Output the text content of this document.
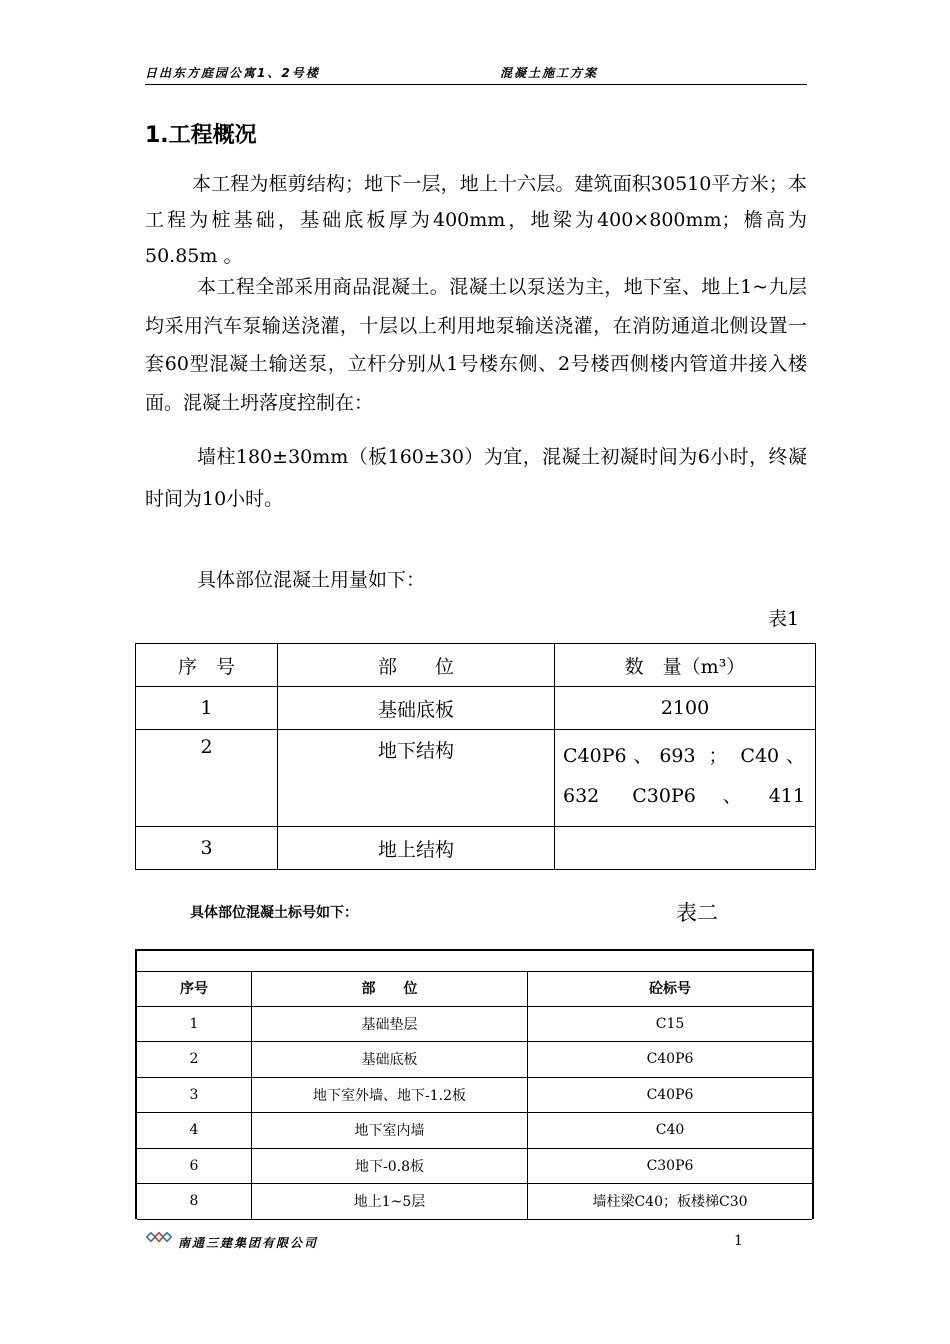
日出东方庭园公寓1、2号楼	混凝土施工方案
1.工程概况

本工程为框剪结构；地下一层，地上十六层。建筑面积30510平方米；本工程为桩基础，基础底板厚为400mm，地梁为400×800mm；檐高为50.85m 。

本工程全部采用商品混凝土。混凝土以泵送为主，地下室、地上1~九层均采用汽车泵输送浇灌，十层以上利用地泵输送浇灌，在消防通道北侧设置一套60型混凝土输送泵，立杆分别从1号楼东侧、2号楼西侧楼内管道井接入楼面。混凝土坍落度控制在：

墙柱180±30mm（板160±30）为宜，混凝土初凝时间为6小时，终凝时间为10小时。

具体部位混凝土用量如下：
表1
序　号	部　　位	数　量（m³）
1	基础底板	2100
2	地下结构	C40P6、693 ； C40、632 C30P6、411
3	地上结构	
具体部位混凝土标号如下：	表二
序号	部　　位	砼标号
1	基础垫层	C15
2	基础底板	C40P6
3	地下室外墙、地下-1.2板	C40P6
4	地下室内墙	C40
6	地下-0.8板	C30P6
8	地上1~5层	墙柱梁C40；板楼梯C30
南通三建集团有限公司	1
